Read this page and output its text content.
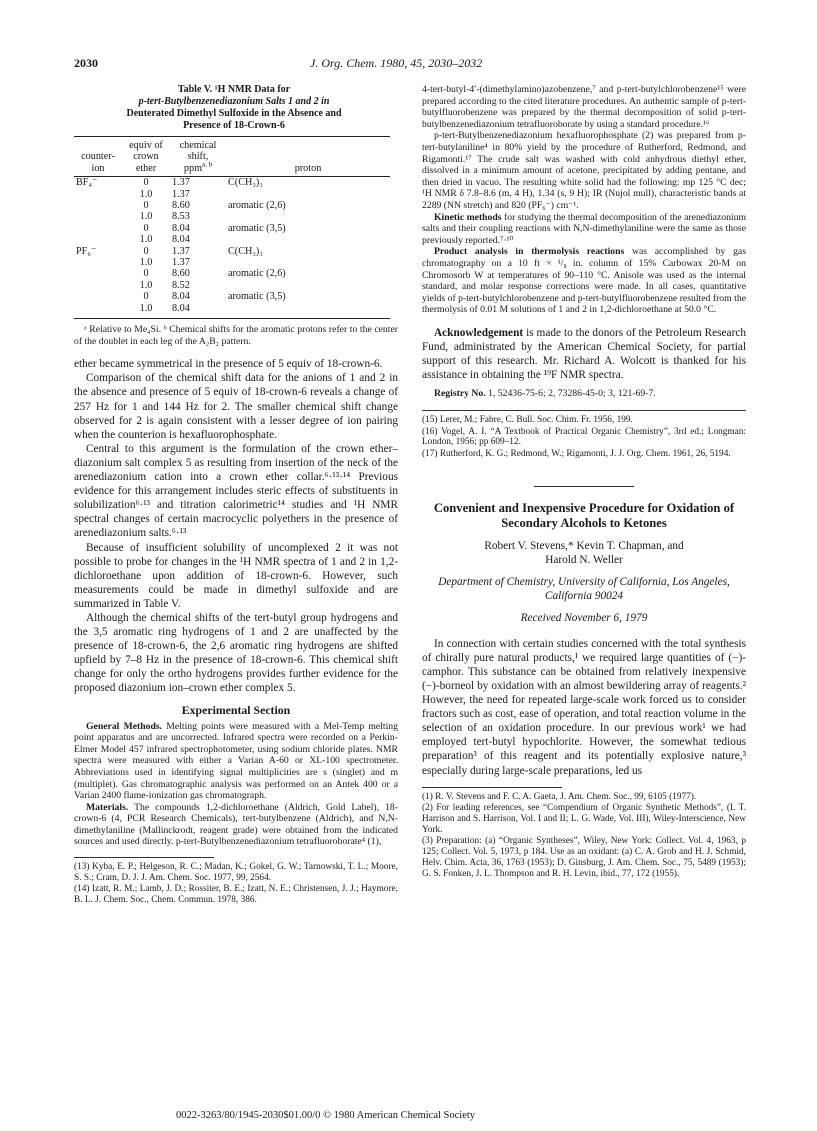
2030	J. Org. Chem. 1980, 45, 2030–2032
Table V. ¹H NMR Data for
p-tert-Butylbenzenediazonium Salts 1 and 2 in
Deuterated Dimethyl Sulfoxide in the Absence and
Presence of 18-Crown-6
	equiv of	chemical	
counter-	crown	shift,	
ion	ether	ppm$^{a, b}$	proton
BF₄⁻	0	1.37	C(CH₃)₃
	1.0	1.37	
	0	8.60	aromatic (2,6)
	1.0	8.53	
	0	8.04	aromatic (3,5)
	1.0	8.04	
PF₆⁻	0	1.37	C(CH₃)₃
	1.0	1.37	
	0	8.60	aromatic (2,6)
	1.0	8.52	
	0	8.04	aromatic (3,5)
	1.0	8.04	

ᵃ Relative to Me₄Si. ᵇ Chemical shifts for the aromatic protons refer to the center of the doublet in each leg of the A₂B₂ pattern.

ether became symmetrical in the presence of 5 equiv of 18-crown-6.

Comparison of the chemical shift data for the anions of 1 and 2 in the absence and presence of 5 equiv of 18-crown-6 reveals a change of 257 Hz for 1 and 144 Hz for 2. The smaller chemical shift change observed for 2 is again consistent with a lesser degree of ion pairing when the counterion is hexafluorophosphate.

Central to this argument is the formulation of the crown ether–diazonium salt complex 5 as resulting from insertion of the neck of the arenediazonium cation into a crown ether collar.⁶·¹³·¹⁴ Previous evidence for this arrangement includes steric effects of substituents in solubilization⁶·¹³ and titration calorimetric¹⁴ studies and ¹H NMR spectral changes of certain macrocyclic polyethers in the presence of arenediazonium salts.⁶·¹³

Because of insufficient solubility of uncomplexed 2 it was not possible to probe for changes in the ¹H NMR spectra of 1 and 2 in 1,2-dichloroethane upon addition of 18-crown-6. However, such measurements could be made in dimethyl sulfoxide and are summarized in Table V.

Although the chemical shifts of the tert-butyl group hydrogens and the 3,5 aromatic ring hydrogens of 1 and 2 are unaffected by the presence of 18-crown-6, the 2,6 aromatic ring hydrogens are shifted upfield by 7–8 Hz in the presence of 18-crown-6. This chemical shift change for only the ortho hydrogens provides further evidence for the proposed diazonium ion–crown ether complex 5.

Experimental Section

General Methods. Melting points were measured with a Mel-Temp melting point apparatus and are uncorrected. Infrared spectra were recorded on a Perkin-Elmer Model 457 infrared spectrophotometer, using sodium chloride plates. NMR spectra were measured with either a Varian A-60 or XL-100 spectrometer. Abbreviations used in identifying signal multiplicities are s (singlet) and m (multiplet). Gas chromatographic analysis was performed on an Antek 400 or a Varian 2400 flame-ionization gas chromatograph.

Materials. The compounds 1,2-dichloroethane (Aldrich, Gold Label), 18-crown-6 (4, PCR Research Chemicals), tert-butylbenzene (Aldrich), and N,N-dimethylaniline (Mallinckrodt, reagent grade) were obtained from the indicated sources and used directly. p-tert-Butylbenzenediazonium tetrafluoroborate⁴ (1),

(13) Kyba, E. P.; Helgeson, R. C.; Madan, K.; Gokel, G. W.; Tarnowski, T. L.; Moore, S. S.; Cram, D. J. J. Am. Chem. Soc. 1977, 99, 2564.

(14) Izatt, R. M.; Lamb, J. D.; Rossiter, B. E.; Izatt, N. E.; Christensen, J. J.; Haymore, B. L. J. Chem. Soc., Chem. Commun. 1978, 386.

4-tert-butyl-4′-(dimethylamino)azobenzene,⁷ and p-tert-butylchlorobenzene¹⁵ were prepared according to the cited literature procedures. An authentic sample of p-tert-butylfluorobenzene was prepared by the thermal decomposition of solid p-tert-butylbenzenediazonium tetrafluoroborate by using a standard procedure.¹⁶

p-tert-Butylbenzenediazonium hexafluorophosphate (2) was prepared from p-tert-butylaniline⁴ in 80% yield by the procedure of Rutherford, Redmond, and Rigamonti.¹⁷ The crude salt was washed with cold anhydrous diethyl ether, dissolved in a minimum amount of acetone, precipitated by adding pentane, and then dried in vacuo. The resulting white solid had the following: mp 125 °C dec; ¹H NMR δ 7.8–8.6 (m, 4 H), 1.34 (s, 9 H); IR (Nujol mull), characteristic bands at 2289 (NN stretch) and 820 (PF₆⁻) cm⁻¹.

Kinetic methods for studying the thermal decomposition of the arenediazonium salts and their coupling reactions with N,N-dimethylaniline were the same as those previously reported.⁷·¹⁰

Product analysis in thermolysis reactions was accomplished by gas chromatography on a 10 ft × ¹/₈ in. column of 15% Carbowax 20-M on Chromosorb W at temperatures of 90–110 °C. Anisole was used as the internal standard, and molar response corrections were made. In all cases, quantitative yields of p-tert-butylchlorobenzene and p-tert-butylfluorobenzene resulted from the thermolysis of 0.01 M solutions of 1 and 2 in 1,2-dichloroethane at 50.0 °C.

Acknowledgement is made to the donors of the Petroleum Research Fund, administrated by the American Chemical Society, for partial support of this research. Mr. Richard A. Wolcott is thanked for his assistance in obtaining the ¹⁹F NMR spectra.

Registry No. 1, 52436-75-6; 2, 73286-45-0; 3, 121-69-7.

(15) Lerer, M.; Fabre, C. Bull. Soc. Chim. Fr. 1956, 199.

(16) Vogel, A. I. “A Textbook of Practical Organic Chemistry”, 3rd ed.; Longman: London, 1956; pp 609–12.

(17) Rutherford, K. G.; Redmond, W.; Rigamonti, J. J. Org. Chem. 1961, 26, 5194.

Convenient and Inexpensive Procedure for Oxidation of Secondary Alcohols to Ketones
Robert V. Stevens,* Kevin T. Chapman, and
Harold N. Weller
Department of Chemistry, University of California, Los Angeles, California 90024
Received November 6, 1979

In connection with certain studies concerned with the total synthesis of chirally pure natural products,¹ we required large quantities of (−)-camphor. This substance can be obtained from relatively inexpensive (−)-borneol by oxidation with an almost bewildering array of reagents.² However, the need for repeated large-scale work forced us to consider fractors such as cost, ease of operation, and total reaction volume in the selection of an oxidation procedure. In our previous work¹ we had employed tert-butyl hypochlorite. However, the somewhat tedious preparation³ of this reagent and its potentially explosive nature,³ especially during large-scale preparations, led us

(1) R. V. Stevens and F. C. A. Gaeta, J. Am. Chem. Soc., 99, 6105 (1977).

(2) For leading references, see “Compendium of Organic Synthetic Methods”, (I. T. Harrison and S. Harrison, Vol. I and II; L. G. Wade, Vol. III), Wiley-Interscience, New York.

(3) Preparation: (a) “Organic Syntheses”, Wiley, New York: Collect. Vol. 4, 1963, p 125; Collect. Vol. 5, 1973, p 184. Use as an oxidant: (a) C. A. Grob and H. J. Schmid, Helv. Chim. Acta, 36, 1763 (1953); D. Ginsburg, J. Am. Chem. Soc., 75, 5489 (1953); G. S. Fonken, J. L. Thompson and R. H. Levin, ibid., 77, 172 (1955).

0022-3263/80/1945-2030$01.00/0 © 1980 American Chemical Society
